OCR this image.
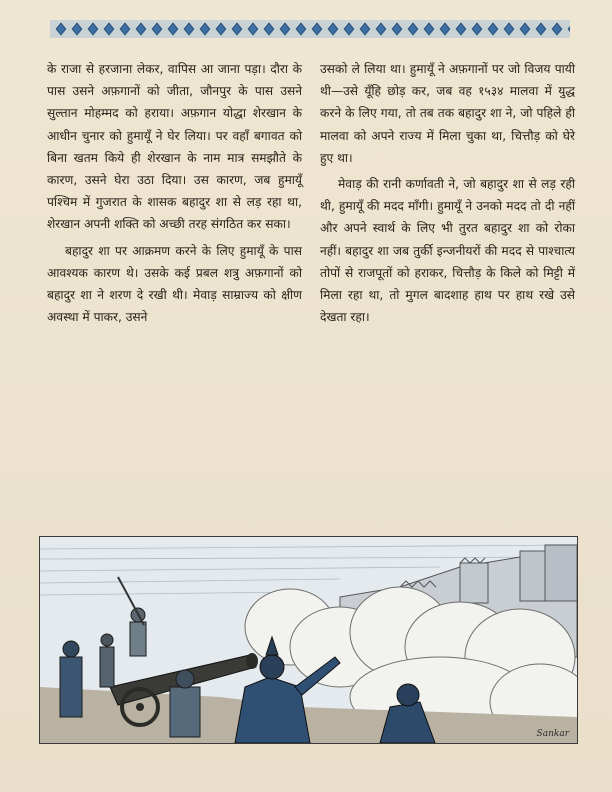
के राजा से हरजाना लेकर, वापिस आ जाना पड़ा। दौरा के पास उसने अफ़गानों को जीता, जौनपुर के पास उसने सुल्तान मोहम्मद को हराया। अफ़गान योद्धा शेरखान के आधीन चुनार को हुमायूँ ने घेर लिया। पर वहाँ बगावत को बिना खतम किये ही शेरखान के नाम मात्र समझौते के कारण, उसने घेरा उठा दिया। उस कारण, जब हुमायूँ पश्चिम में गुजरात के शासक बहादुर शा से लड़ रहा था, शेरखान अपनी शक्ति को अच्छी तरह संगठित कर सका।

बहादुर शा पर आक्रमण करने के लिए हुमायूँ के पास आवश्यक कारण थे। उसके कई प्रबल शत्रु अफ़गानों को बहादुर शा ने शरण दे रखी थी। मेवाड़ साम्राज्य को क्षीण अवस्था में पाकर, उसने

उसको ले लिया था। हुमायूँ ने अफ़गानों पर जो विजय पायी थी—उसे यूँहि छोड़ कर, जब वह १५३४ मालवा में युद्ध करने के लिए गया, तो तब तक बहादुर शा ने, जो पहिले ही मालवा को अपने राज्य में मिला चुका था, चित्तौड़ को घेरे हुए था।

मेवाड़ की रानी कर्णावती ने, जो बहादुर शा से लड़ रही थी, हुमायूँ की मदद माँगी। हुमायूँ ने उनको मदद तो दी नहीं और अपने स्वार्थ के लिए भी तुरत बहादुर शा को रोका नहीं। बहादुर शा जब तुर्की इन्जनीयरों की मदद से पाश्चात्य तोपों से राजपूतों को हराकर, चित्तौड़ के किले को मिट्टी में मिला रहा था, तो मुगल बादशाह हाथ पर हाथ रखे उसे देखता रहा।

Sankar
